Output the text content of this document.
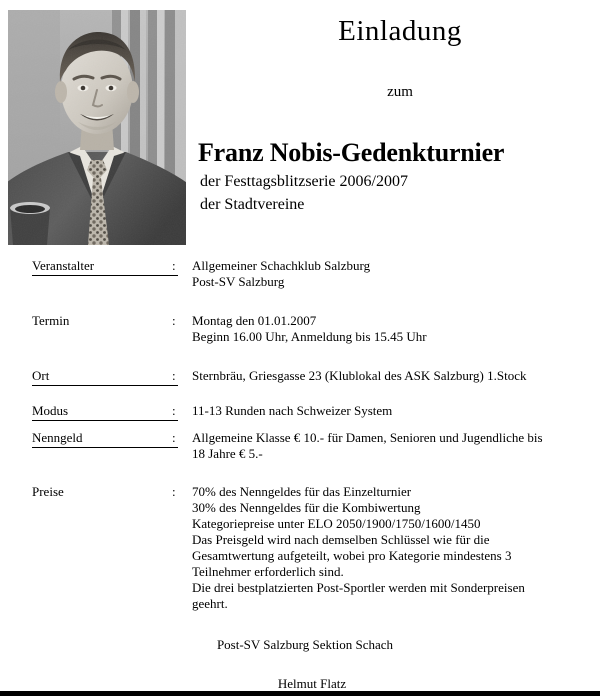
Einladung
zum
Franz Nobis-Gedenkturnier
der Festtagsblitzserie 2006/2007
der Stadtvereine
Veranstalter	: Allgemeiner Schachklub Salzburg
Post-SV Salzburg
Termin	: Montag den 01.01.2007
Beginn 16.00 Uhr, Anmeldung bis 15.45 Uhr
Ort	: Sternbräu, Griesgasse 23 (Klublokal des ASK Salzburg) 1.Stock
Modus	: 11-13 Runden nach Schweizer System
Nenngeld	: Allgemeine Klasse € 10.- für Damen, Senioren und Jugendliche bis
18 Jahre € 5.-
Preise	: 70% des Nenngeldes für das Einzelturnier
30% des Nenngeldes für die Kombiwertung
Kategoriepreise unter ELO 2050/1900/1750/1600/1450
Das Preisgeld wird nach demselben Schlüssel wie für die
Gesamtwertung aufgeteilt, wobei pro Kategorie mindestens 3
Teilnehmer erforderlich sind.
Die drei bestplatzierten Post-Sportler werden mit Sonderpreisen
geehrt.
Post-SV Salzburg Sektion Schach
Helmut Flatz
